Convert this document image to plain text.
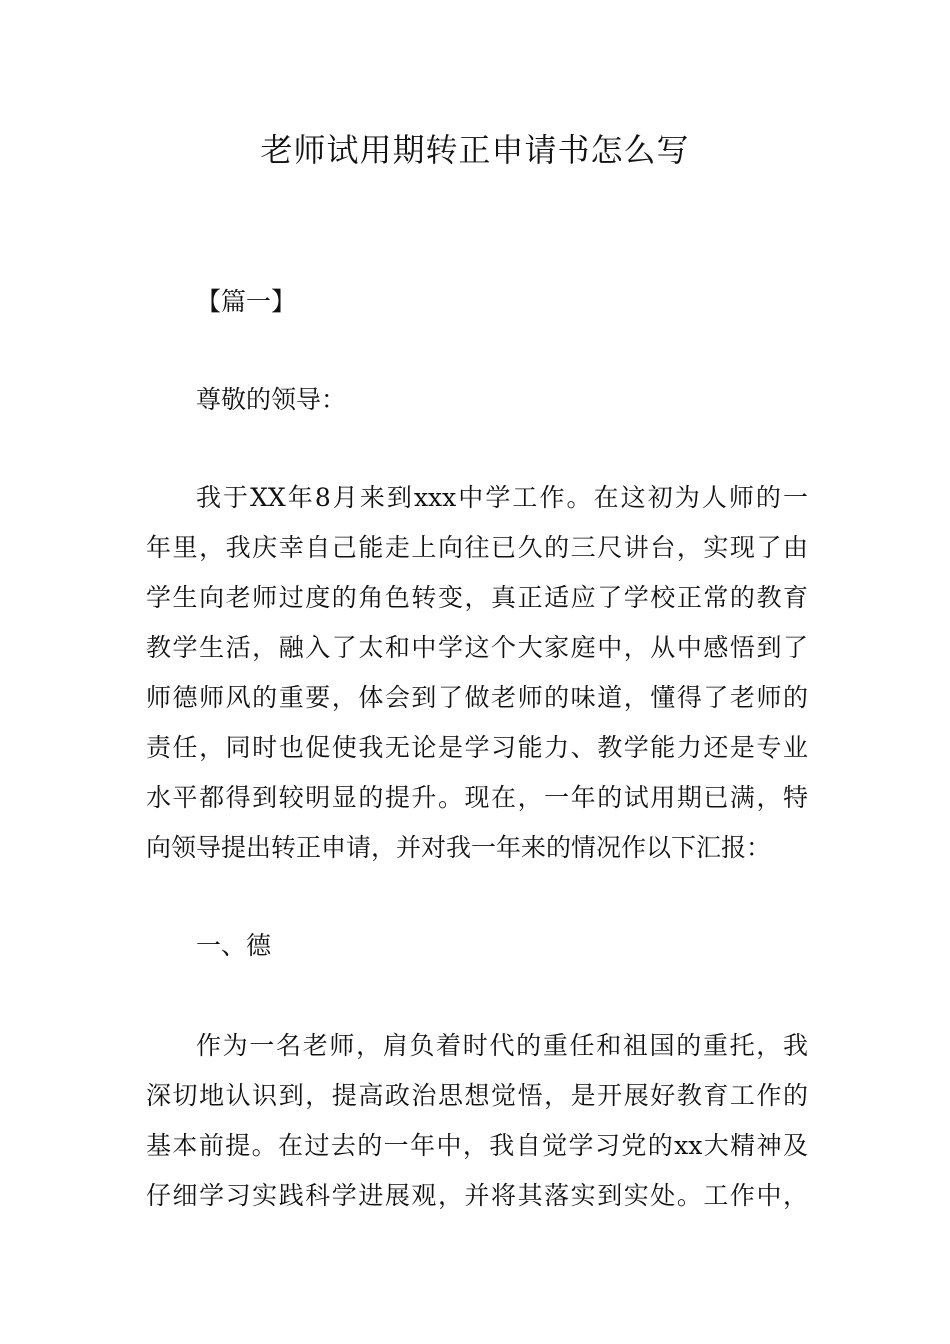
老师试用期转正申请书怎么写

【篇一】

尊敬的领导：

我于XX年8月来到xxx中学工作。在这初为人师的一

年里，我庆幸自己能走上向往已久的三尺讲台，实现了由

学生向老师过度的角色转变，真正适应了学校正常的教育

教学生活，融入了太和中学这个大家庭中，从中感悟到了

师德师风的重要，体会到了做老师的味道，懂得了老师的

责任，同时也促使我无论是学习能力、教学能力还是专业

水平都得到较明显的提升。现在，一年的试用期已满，特

向领导提出转正申请，并对我一年来的情况作以下汇报：

一、德

作为一名老师，肩负着时代的重任和祖国的重托，我

深切地认识到，提高政治思想觉悟，是开展好教育工作的

基本前提。在过去的一年中，我自觉学习党的xx大精神及

仔细学习实践科学进展观，并将其落实到实处。工作中，
